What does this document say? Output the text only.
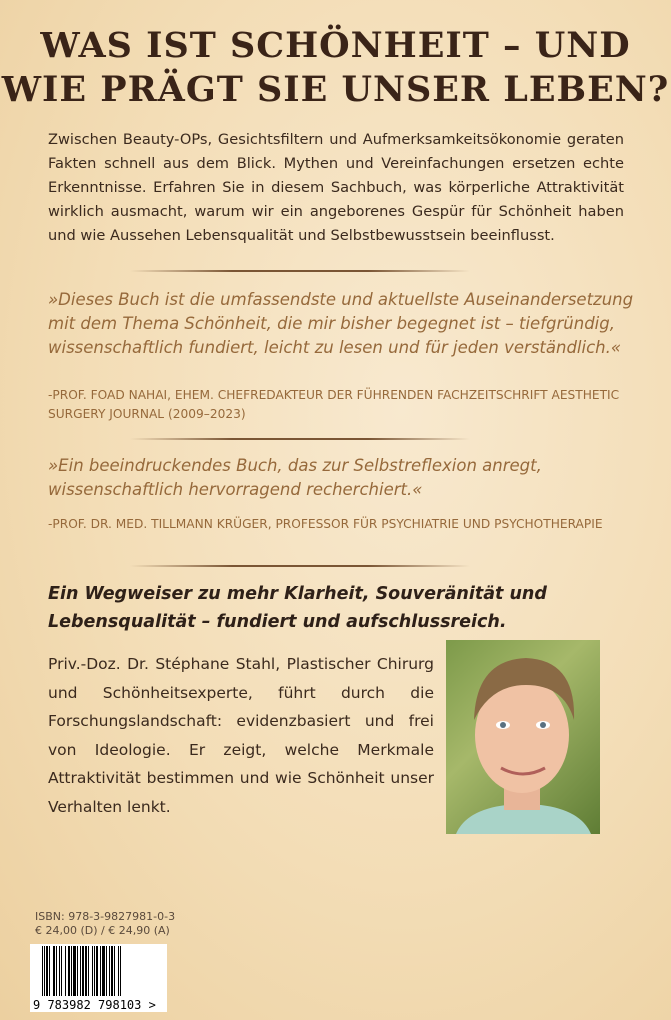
WAS IST SCHÖNHEIT – UND
WIE PRÄGT SIE UNSER LEBEN?

Zwischen Beauty-OPs, Gesichtsfiltern und Aufmerksamkeitsökonomie geraten Fakten schnell aus dem Blick. Mythen und Vereinfachungen ersetzen echte Erkenntnisse. Erfahren Sie in diesem Sachbuch, was körperliche Attraktivität wirklich ausmacht, warum wir ein angeborenes Gespür für Schönheit haben und wie Aussehen Lebensqualität und Selbstbewusstsein beeinflusst.

»Dieses Buch ist die umfassendste und aktuellste Auseinandersetzung mit dem Thema Schönheit, die mir bisher begegnet ist – tiefgründig, wissenschaftlich fundiert, leicht zu lesen und für jeden verständlich.«

-PROF. FOAD NAHAI, EHEM. CHEFREDAKTEUR DER FÜHRENDEN FACHZEITSCHRIFT AESTHETIC SURGERY JOURNAL (2009–2023)

»Ein beeindruckendes Buch, das zur Selbstreflexion anregt, wissenschaftlich hervorragend recherchiert.«

-PROF. DR. MED. TILLMANN KRÜGER, PROFESSOR FÜR PSYCHIATRIE UND PSYCHOTHERAPIE

Ein Wegweiser zu mehr Klarheit, Souveränität und Lebensqualität – fundiert und aufschlussreich.

Priv.-Doz. Dr. Stéphane Stahl, Plastischer Chirurg und Schönheitsexperte, führt durch die Forschungslandschaft: evidenzbasiert und frei von Ideologie. Er zeigt, welche Merkmale Attraktivität bestimmen und wie Schönheit unser Verhalten lenkt.

ISBN: 978-3-9827981-0-3
€ 24,00 (D) / € 24,90 (A)
9 783982 798103 >
